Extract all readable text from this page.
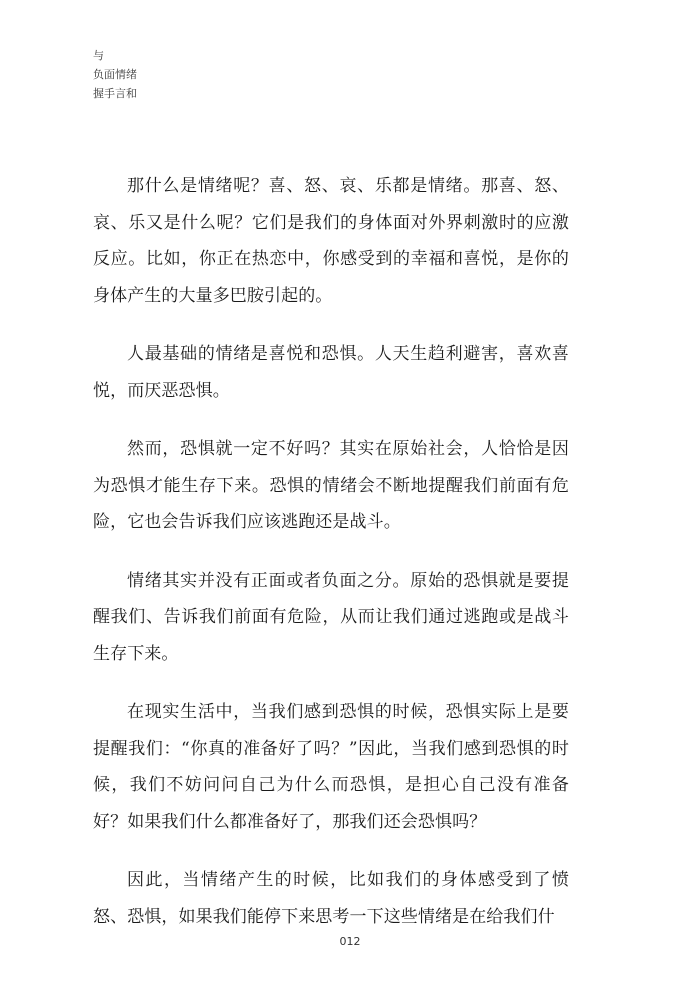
与
负面情绪
握手言和

那什么是情绪呢？喜、怒、哀、乐都是情绪。那喜、怒、哀、乐又是什么呢？它们是我们的身体面对外界刺激时的应激反应。比如，你正在热恋中，你感受到的幸福和喜悦，是你的身体产生的大量多巴胺引起的。

人最基础的情绪是喜悦和恐惧。人天生趋利避害，喜欢喜悦，而厌恶恐惧。

然而，恐惧就一定不好吗？其实在原始社会，人恰恰是因为恐惧才能生存下来。恐惧的情绪会不断地提醒我们前面有危险，它也会告诉我们应该逃跑还是战斗。

情绪其实并没有正面或者负面之分。原始的恐惧就是要提醒我们、告诉我们前面有危险，从而让我们通过逃跑或是战斗生存下来。

在现实生活中，当我们感到恐惧的时候，恐惧实际上是要提醒我们：“你真的准备好了吗？”因此，当我们感到恐惧的时候，我们不妨问问自己为什么而恐惧，是担心自己没有准备好？如果我们什么都准备好了，那我们还会恐惧吗？

因此，当情绪产生的时候，比如我们的身体感受到了愤怒、恐惧，如果我们能停下来思考一下这些情绪是在给我们什

012
